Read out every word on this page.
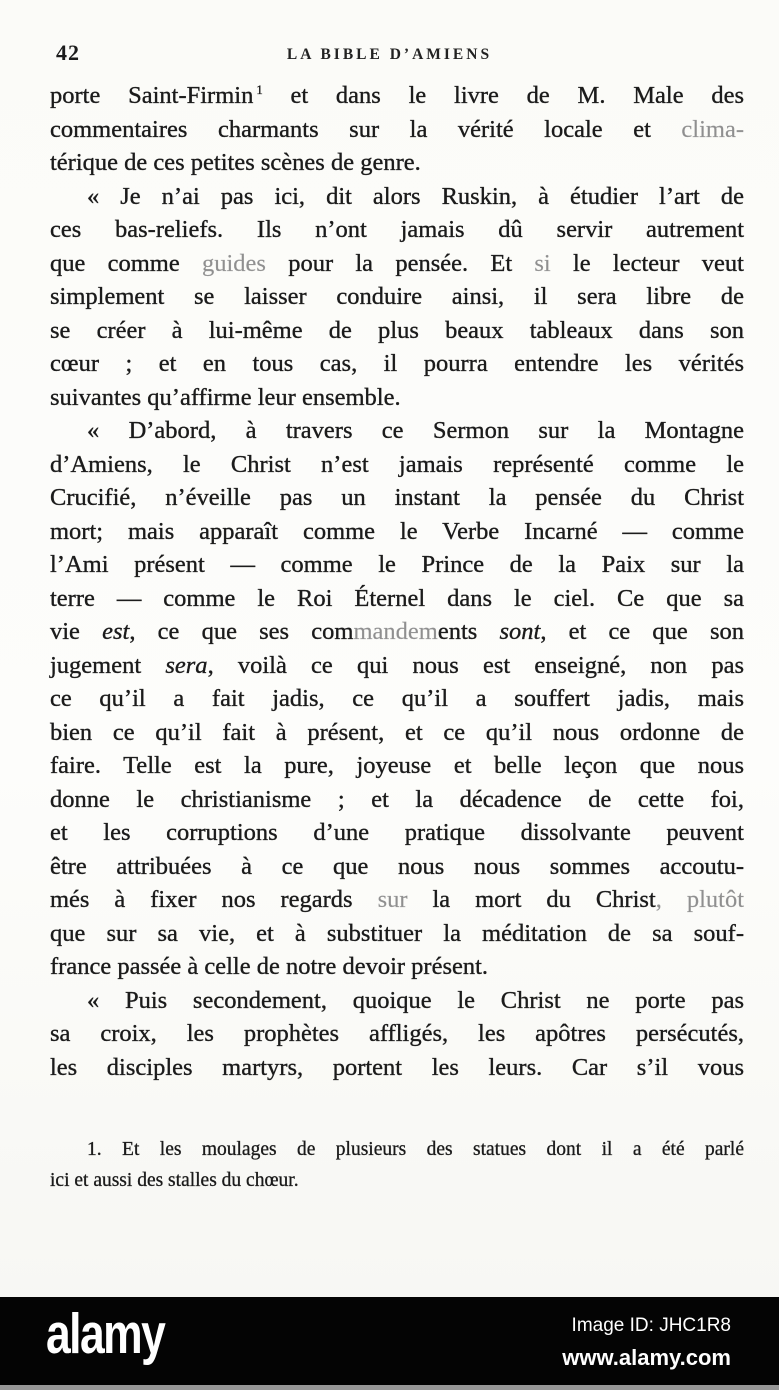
42	LA BIBLE D’AMIENS
porte Saint-Firmin $^1$ et dans le livre de M. Male des
commentaires charmants sur la vérité locale et clima-
térique de ces petites scènes de genre.
« Je n’ai pas ici, dit alors Ruskin, à étudier l’art de
ces bas-reliefs. Ils n’ont jamais dû servir autrement
que comme guides pour la pensée. Et si le lecteur veut
simplement se laisser conduire ainsi, il sera libre de
se créer à lui-même de plus beaux tableaux dans son
cœur ; et en tous cas, il pourra entendre les vérités
suivantes qu’affirme leur ensemble.
« D’abord, à travers ce Sermon sur la Montagne
d’Amiens, le Christ n’est jamais représenté comme le
Crucifié, n’éveille pas un instant la pensée du Christ
mort; mais apparaît comme le Verbe Incarné — comme
l’Ami présent — comme le Prince de la Paix sur la
terre — comme le Roi Éternel dans le ciel. Ce que sa
vie est, ce que ses commandements sont, et ce que son
jugement sera, voilà ce qui nous est enseigné, non pas
ce qu’il a fait jadis, ce qu’il a souffert jadis, mais
bien ce qu’il fait à présent, et ce qu’il nous ordonne de
faire. Telle est la pure, joyeuse et belle leçon que nous
donne le christianisme ; et la décadence de cette foi,
et les corruptions d’une pratique dissolvante peuvent
être attribuées à ce que nous nous sommes accoutu-
més à fixer nos regards sur la mort du Christ, plutôt
que sur sa vie, et à substituer la méditation de sa souf-
france passée à celle de notre devoir présent.
« Puis secondement, quoique le Christ ne porte pas
sa croix, les prophètes affligés, les apôtres persécutés,
les disciples martyrs, portent les leurs. Car s’il vous
1. Et les moulages de plusieurs des statues dont il a été parlé
ici et aussi des stalles du chœur.
alamy	Image ID: JHC1R8
www.alamy.com
